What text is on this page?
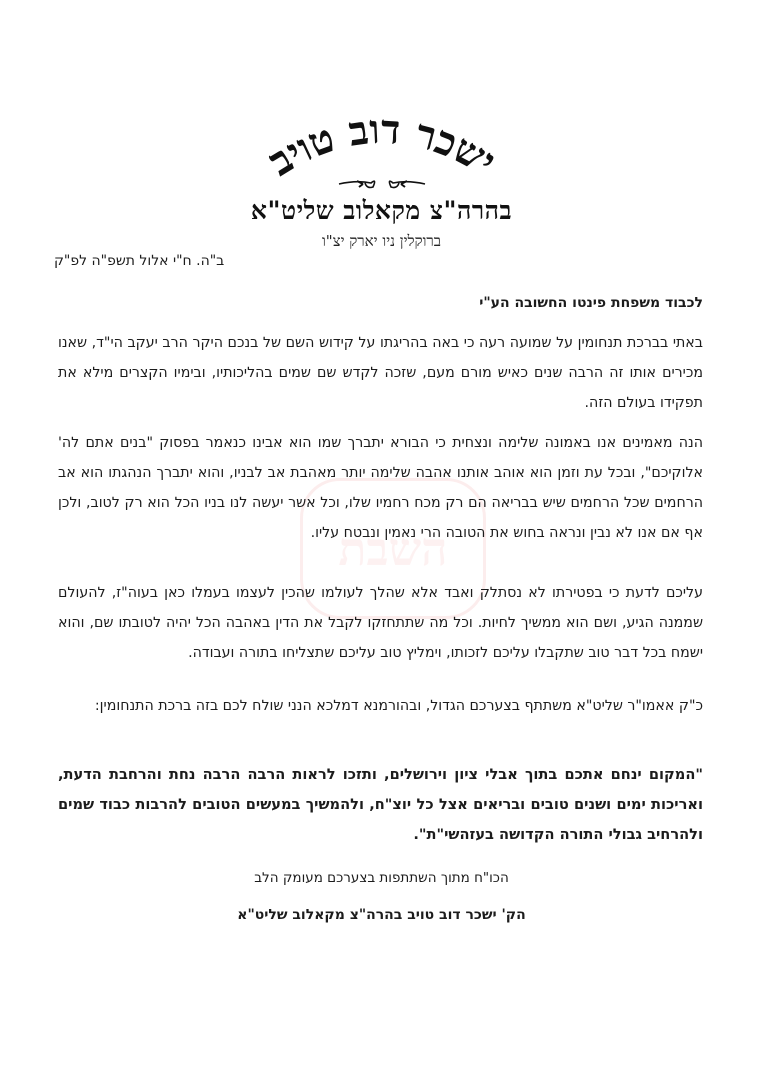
השבת
ישכר דוב טויב
בהרה"צ מקאלוב שליט"א
ברוקלין ניו יארק יצ"ו
ב"ה. ח"י אלול תשפ"ה לפ"ק
לכבוד משפחת פינטו החשובה הע"י
באתי בברכת תנחומין על שמועה רעה כי באה בהריגתו על קידוש השם של בנכם היקר הרב יעקב הי"ד, שאנו מכירים אותו זה הרבה שנים כאיש מורם מעם, שזכה לקדש שם שמים בהליכותיו, ובימיו הקצרים מילא את תפקידו בעולם הזה.
הנה מאמינים אנו באמונה שלימה ונצחית כי הבורא יתברך שמו הוא אבינו כנאמר בפסוק "בנים אתם לה' אלוקיכם", ובכל עת וזמן הוא אוהב אותנו אהבה שלימה יותר מאהבת אב לבניו, והוא יתברך הנהגתו הוא אב הרחמים שכל הרחמים שיש בבריאה הם רק מכח רחמיו שלו, וכל אשר יעשה לנו בניו הכל הוא רק לטוב, ולכן אף אם אנו לא נבין ונראה בחוש את הטובה הרי נאמין ונבטח עליו.
עליכם לדעת כי בפטירתו לא נסתלק ואבד אלא שהלך לעולמו שהכין לעצמו בעמלו כאן בעוה"ז, להעולם שממנה הגיע, ושם הוא ממשיך לחיות. וכל מה שתתחזקו לקבל את הדין באהבה הכל יהיה לטובתו שם, והוא ישמח בכל דבר טוב שתקבלו עליכם לזכותו, וימליץ טוב עליכם שתצליחו בתורה ועבודה.
כ"ק אאמו"ר שליט"א משתתף בצערכם הגדול, ובהורמנא דמלכא הנני שולח לכם בזה ברכת התנחומין:
"המקום ינחם אתכם בתוך אבלי ציון וירושלים, ותזכו לראות הרבה הרבה נחת והרחבת הדעת, ואריכות ימים ושנים טובים ובריאים אצל כל יוצ"ח, ולהמשיך במעשים הטובים להרבות כבוד שמים ולהרחיב גבולי התורה הקדושה בעזהשי"ת".
הכו"ח מתוך השתתפות בצערכם מעומק הלב
הק' ישכר דוב טויב בהרה"צ מקאלוב שליט"א
